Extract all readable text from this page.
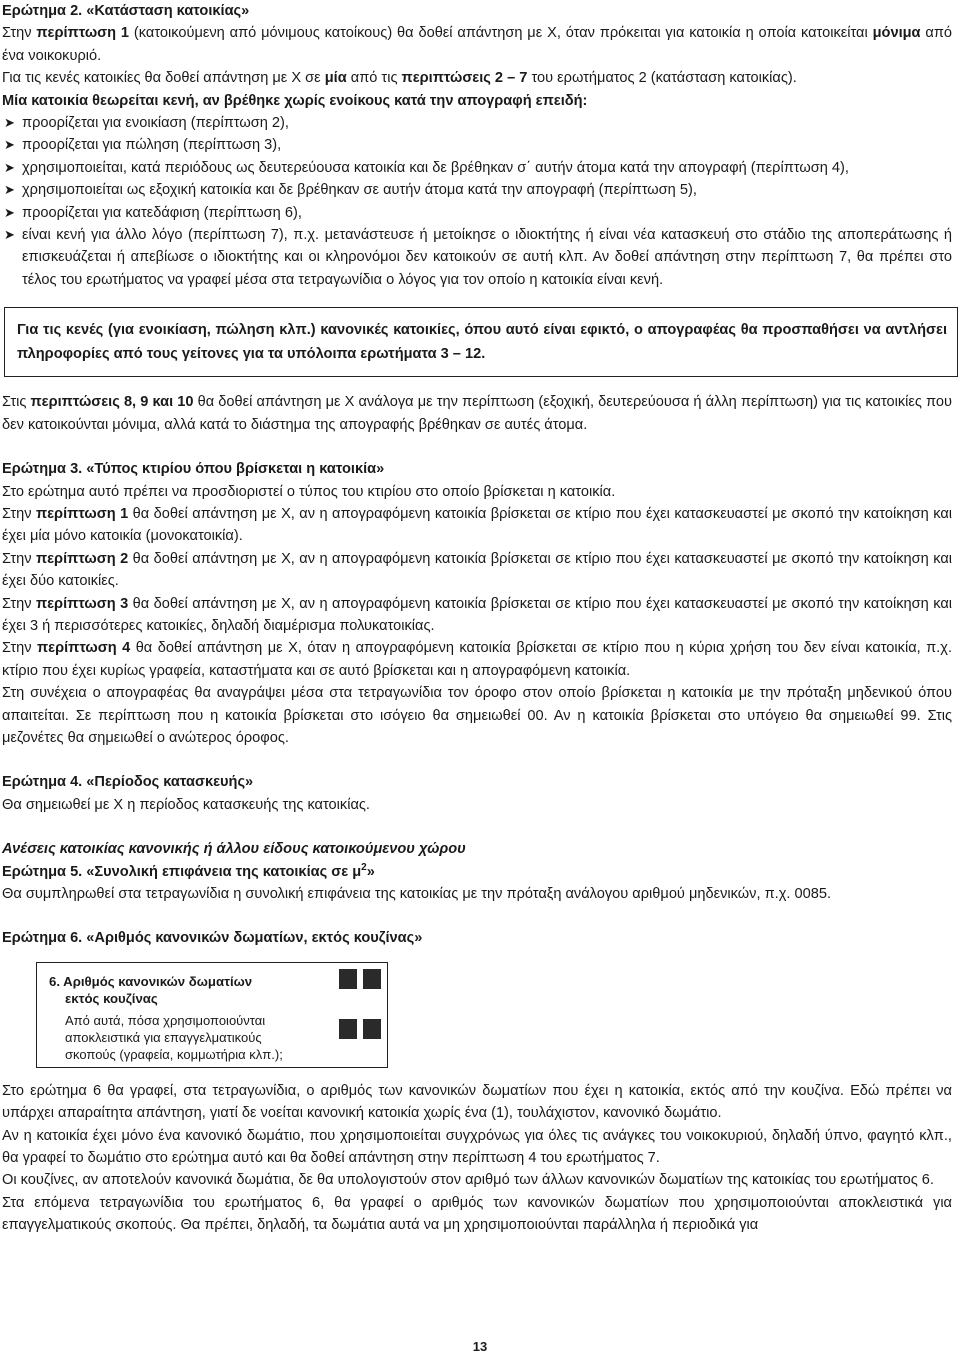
Ερώτημα 2. «Κατάσταση κατοικίας»

Στην περίπτωση 1 (κατοικούμενη από μόνιμους κατοίκους) θα δοθεί απάντηση με Χ, όταν πρόκειται για κατοικία η οποία κατοικείται μόνιμα από ένα νοικοκυριό.

Για τις κενές κατοικίες θα δοθεί απάντηση με Χ σε μία από τις περιπτώσεις 2 – 7 του ερωτήματος 2 (κατάσταση κατοικίας).

Μία κατοικία θεωρείται κενή, αν βρέθηκε χωρίς ενοίκους κατά την απογραφή επειδή:

➤ προορίζεται για ενοικίαση (περίπτωση 2),

➤ προορίζεται για πώληση (περίπτωση 3),

➤ χρησιμοποιείται, κατά περιόδους ως δευτερεύουσα κατοικία και δε βρέθηκαν σ΄ αυτήν άτομα κατά την απογραφή (περίπτωση 4),

➤ χρησιμοποιείται ως εξοχική κατοικία και δε βρέθηκαν σε αυτήν άτομα κατά την απογραφή (περίπτωση 5),

➤ προορίζεται για κατεδάφιση (περίπτωση 6),

➤ είναι κενή για άλλο λόγο (περίπτωση 7), π.χ. μετανάστευσε ή μετοίκησε ο ιδιοκτήτης ή είναι νέα κατασκευή στο στάδιο της αποπεράτωσης ή επισκευάζεται ή απεβίωσε ο ιδιοκτήτης και οι κληρονόμοι δεν κατοικούν σε αυτή κλπ. Αν δοθεί απάντηση στην περίπτωση 7, θα πρέπει στο τέλος του ερωτήματος να γραφεί μέσα στα τετραγωνίδια ο λόγος για τον οποίο η κατοικία είναι κενή.

Για τις κενές (για ενοικίαση, πώληση κλπ.) κανονικές κατοικίες, όπου αυτό είναι εφικτό, ο απογραφέας θα προσπαθήσει να αντλήσει πληροφορίες από τους γείτονες για τα υπόλοιπα ερωτήματα 3 – 12.

Στις περιπτώσεις 8, 9 και 10 θα δοθεί απάντηση με Χ ανάλογα με την περίπτωση (εξοχική, δευτερεύουσα ή άλλη περίπτωση) για τις κατοικίες που δεν κατοικούνται μόνιμα, αλλά κατά το διάστημα της απογραφής βρέθηκαν σε αυτές άτομα.

Ερώτημα 3. «Τύπος κτιρίου όπου βρίσκεται η κατοικία»

Στο ερώτημα αυτό πρέπει να προσδιοριστεί ο τύπος του κτιρίου στο οποίο βρίσκεται η κατοικία.

Στην περίπτωση 1 θα δοθεί απάντηση με Χ, αν η απογραφόμενη κατοικία βρίσκεται σε κτίριο που έχει κατασκευαστεί με σκοπό την κατοίκηση και έχει μία μόνο κατοικία (μονοκατοικία).

Στην περίπτωση 2 θα δοθεί απάντηση με Χ, αν η απογραφόμενη κατοικία βρίσκεται σε κτίριο που έχει κατασκευαστεί με σκοπό την κατοίκηση και έχει δύο κατοικίες.

Στην περίπτωση 3 θα δοθεί απάντηση με Χ, αν η απογραφόμενη κατοικία βρίσκεται σε κτίριο που έχει κατασκευαστεί με σκοπό την κατοίκηση και έχει 3 ή περισσότερες κατοικίες, δηλαδή διαμέρισμα πολυκατοικίας.

Στην περίπτωση 4 θα δοθεί απάντηση με Χ, όταν η απογραφόμενη κατοικία βρίσκεται σε κτίριο που η κύρια χρήση του δεν είναι κατοικία, π.χ. κτίριο που έχει κυρίως γραφεία, καταστήματα και σε αυτό βρίσκεται και η απογραφόμενη κατοικία.

Στη συνέχεια ο απογραφέας θα αναγράψει μέσα στα τετραγωνίδια τον όροφο στον οποίο βρίσκεται η κατοικία με την πρόταξη μηδενικού όπου απαιτείται. Σε περίπτωση που η κατοικία βρίσκεται στο ισόγειο θα σημειωθεί 00. Αν η κατοικία βρίσκεται στο υπόγειο θα σημειωθεί 99. Στις μεζονέτες θα σημειωθεί ο ανώτερος όροφος.

Ερώτημα 4. «Περίοδος κατασκευής»

Θα σημειωθεί με Χ η περίοδος κατασκευής της κατοικίας.

Ανέσεις κατοικίας κανονικής ή άλλου είδους κατοικούμενου χώρου

Ερώτημα 5. «Συνολική επιφάνεια της κατοικίας σε $\mu^2$»

Θα συμπληρωθεί στα τετραγωνίδια η συνολική επιφάνεια της κατοικίας με την πρόταξη ανάλογου αριθμού μηδενικών, π.χ. 0085.

Ερώτημα 6. «Αριθμός κανονικών δωματίων, εκτός κουζίνας»

6. Αριθμός κανονικών δωματίων
εκτός κουζίνας
Από αυτά, πόσα χρησιμοποιούνται αποκλειστικά για επαγγελματικούς σκοπούς (γραφεία, κομμωτήρια κλπ.);

Στο ερώτημα 6 θα γραφεί, στα τετραγωνίδια, ο αριθμός των κανονικών δωματίων που έχει η κατοικία, εκτός από την κουζίνα. Εδώ πρέπει να υπάρχει απαραίτητα απάντηση, γιατί δε νοείται κανονική κατοικία χωρίς ένα (1), τουλάχιστον, κανονικό δωμάτιο.

Αν η κατοικία έχει μόνο ένα κανονικό δωμάτιο, που χρησιμοποιείται συγχρόνως για όλες τις ανάγκες του νοικοκυριού, δηλαδή ύπνο, φαγητό κλπ., θα γραφεί το δωμάτιο στο ερώτημα αυτό και θα δοθεί απάντηση στην περίπτωση 4 του ερωτήματος 7.

Οι κουζίνες, αν αποτελούν κανονικά δωμάτια, δε θα υπολογιστούν στον αριθμό των άλλων κανονικών δωματίων της κατοικίας του ερωτήματος 6.

Στα επόμενα τετραγωνίδια του ερωτήματος 6, θα γραφεί ο αριθμός των κανονικών δωματίων που χρησιμοποιούνται αποκλειστικά για επαγγελματικούς σκοπούς. Θα πρέπει, δηλαδή, τα δωμάτια αυτά να μη χρησιμοποιούνται παράλληλα ή περιοδικά για

13
